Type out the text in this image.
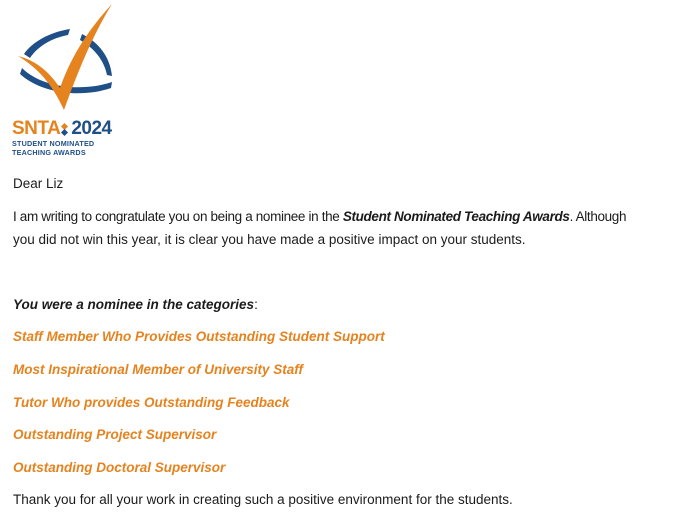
SNTA 2024
STUDENT NOMINATED
TEACHING AWARDS

Dear Liz

I am writing to congratulate you on being a nominee in the Student Nominated Teaching Awards. Although

you did not win this year, it is clear you have made a positive impact on your students.

You were a nominee in the categories:

Staff Member Who Provides Outstanding Student Support

Most Inspirational Member of University Staff

Tutor Who provides Outstanding Feedback

Outstanding Project Supervisor

Outstanding Doctoral Supervisor

Thank you for all your work in creating such a positive environment for the students.
